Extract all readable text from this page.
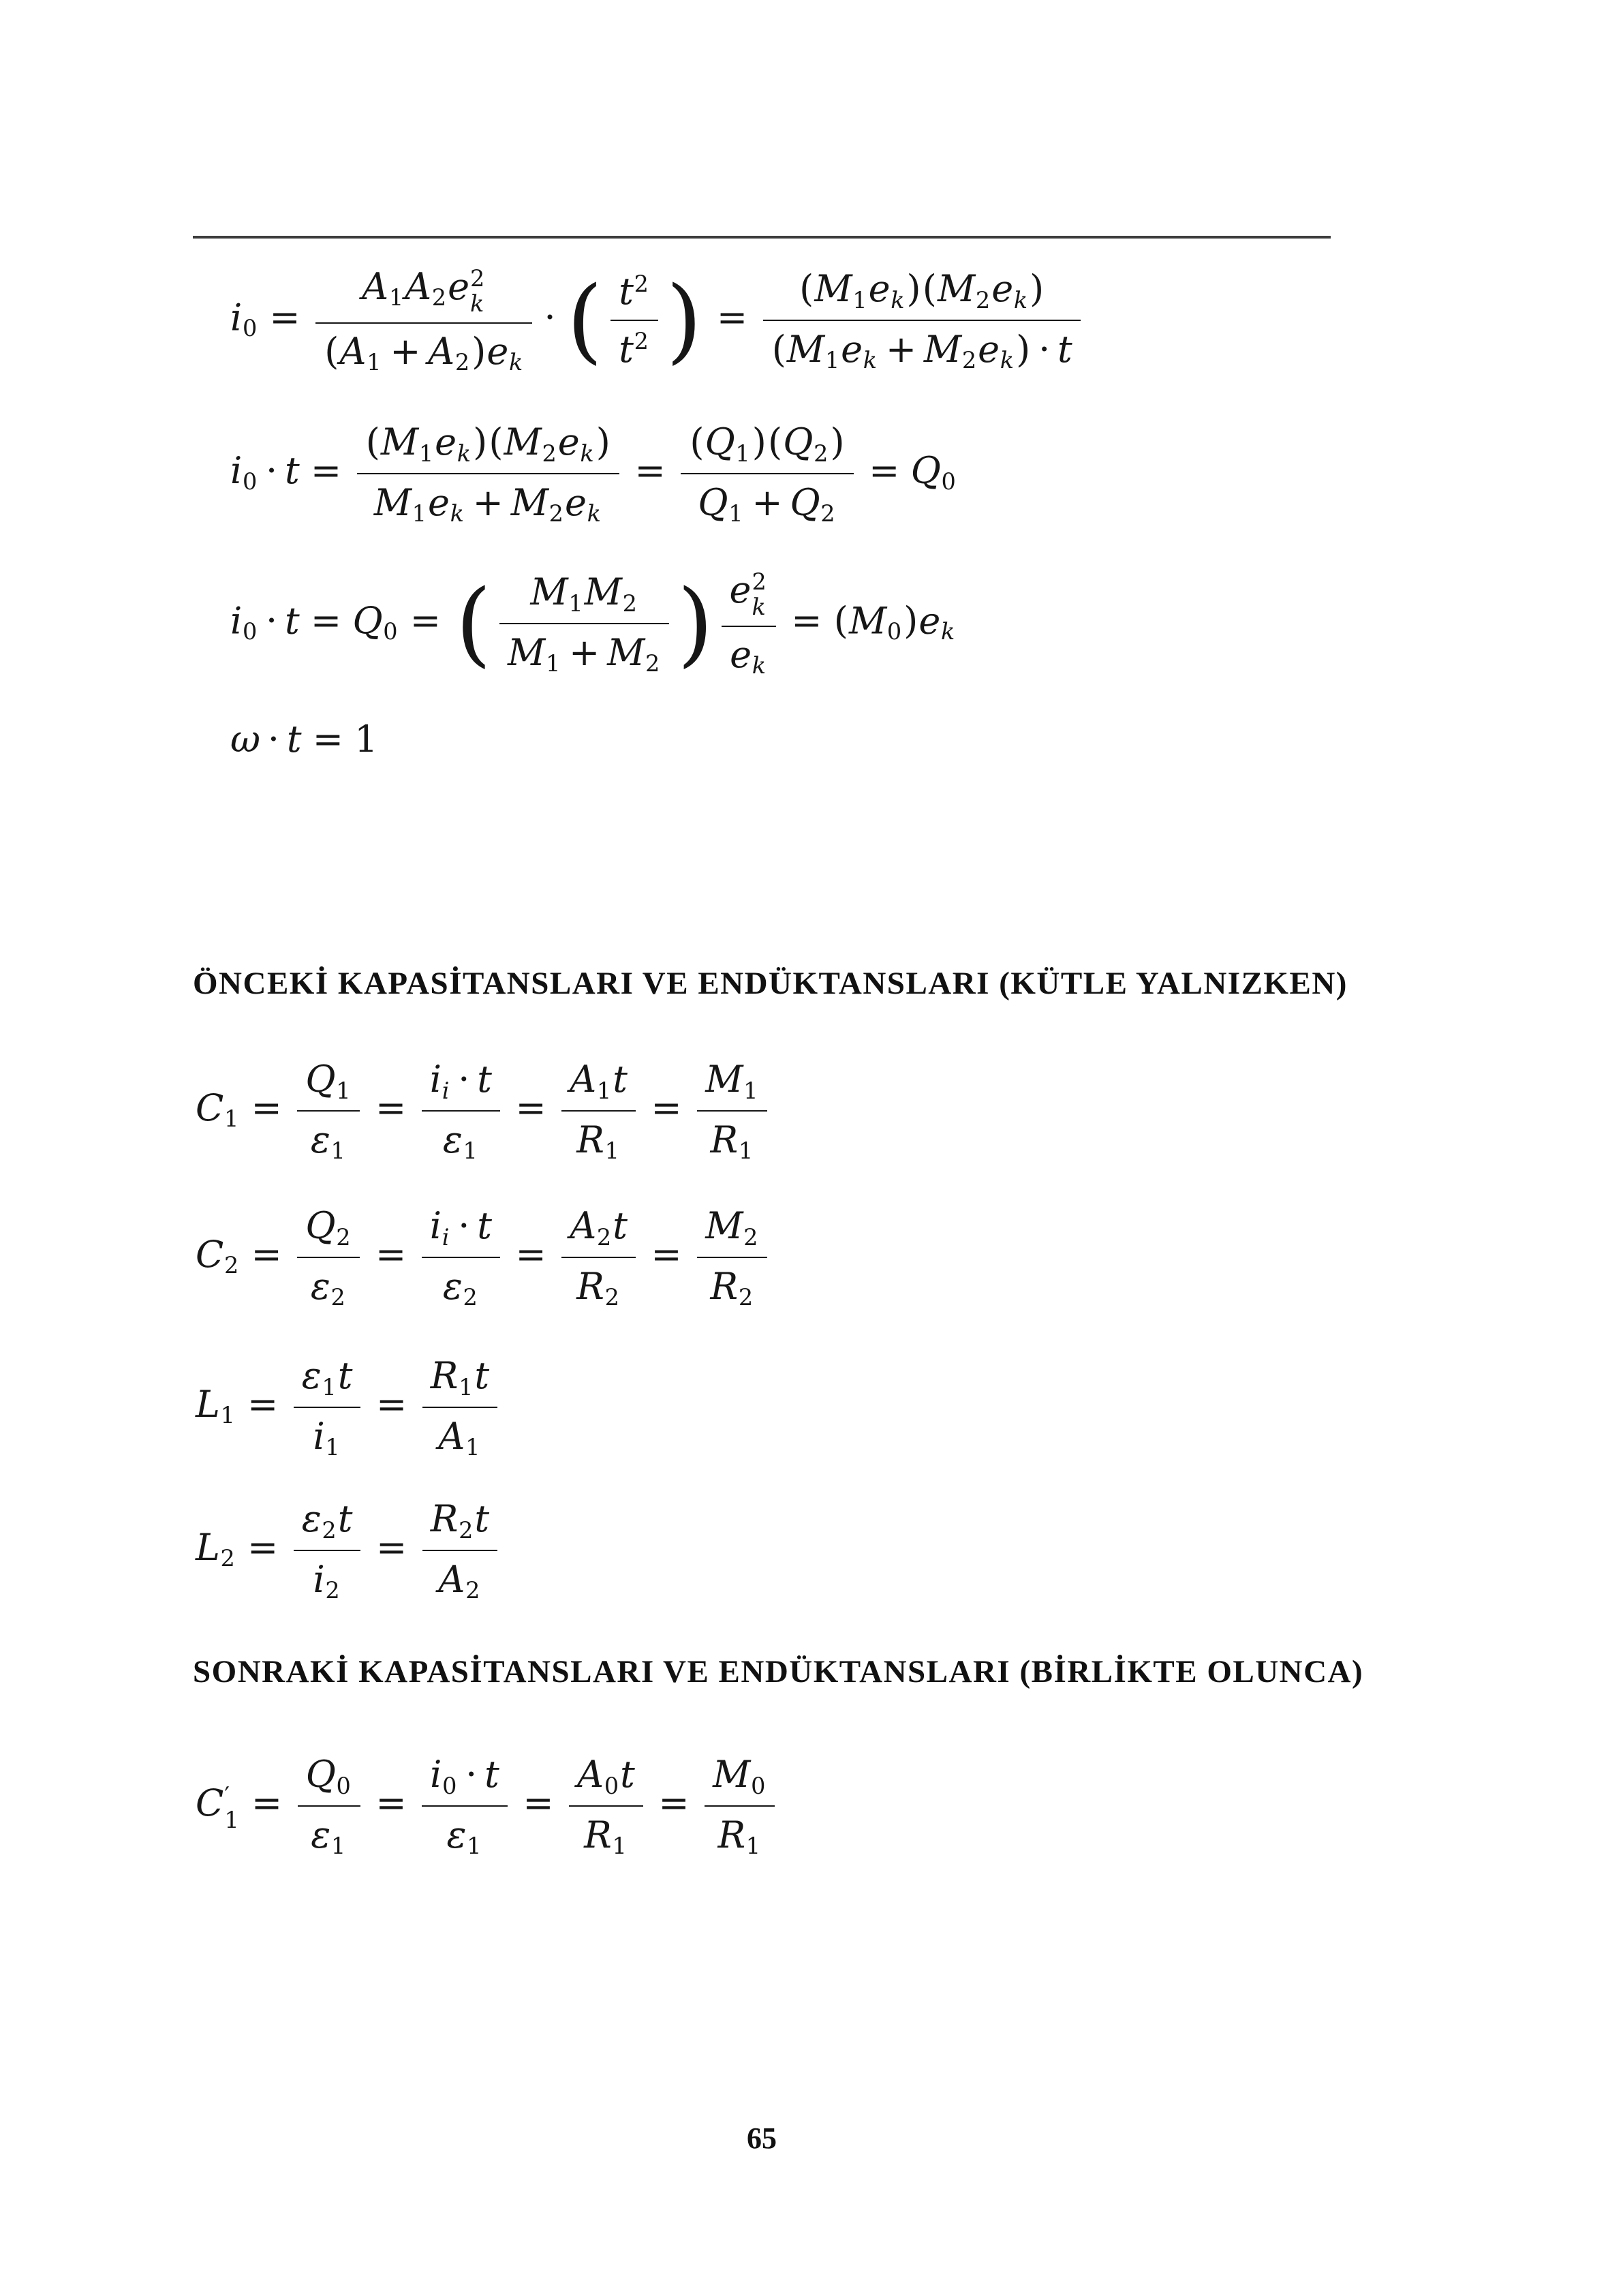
i0 = A1A2e 2
k
(A1 + A2)ek · ( $\frac{t^2}{t^2}$ ) = $\frac{(M1ek)(M2ek)}{(M1ek + M2ek) \cdot t}$
$i0 \cdot t = \frac{(M1ek)(M2ek)}{M1ek + M2ek} = \frac{(Q1)(Q2)}{Q1 + Q2} = Q0$
i0 · t = Q0 = ( $\frac{M1M2}{M1 + M2}$ ) e 2
k
ek = (M0)ek
ω · t = 1
ÖNCEKİ KAPASİTANSLARI VE ENDÜKTANSLARI (KÜTLE YALNIZKEN)
$C1 = \frac{Q1}{\varepsilon 1} = \frac{ii \cdot t}{\varepsilon 1} = \frac{A1t}{R1} = \frac{M1}{R1}$
$C2 = \frac{Q2}{\varepsilon 2} = \frac{ii \cdot t}{\varepsilon 2} = \frac{A2t}{R2} = \frac{M2}{R2}$
$L1 = \frac{\varepsilon 1t}{i1} = \frac{R1t}{A1}$
$L2 = \frac{\varepsilon 2t}{i2} = \frac{R2t}{A2}$
SONRAKİ KAPASİTANSLARI VE ENDÜKTANSLARI (BİRLİKTE OLUNCA)
C ′
$1 = \frac{Q0}{\varepsilon 1} = \frac{i0 \cdot t}{\varepsilon 1} = \frac{A0t}{R1} = \frac{M0}{R1}$
65
